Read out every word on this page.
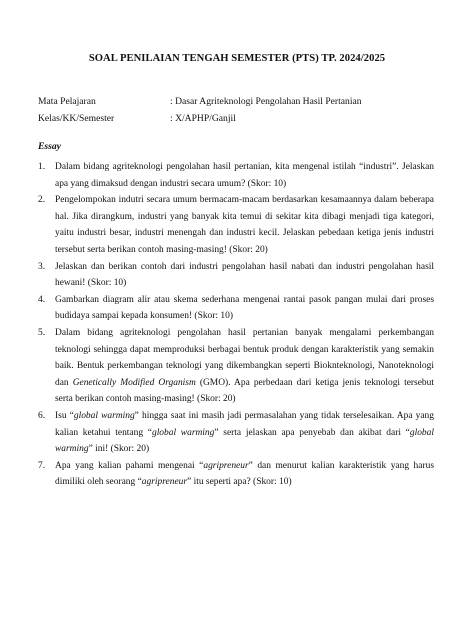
SOAL PENILAIAN TENGAH SEMESTER (PTS) TP. 2024/2025
Mata Pelajaran	: Dasar Agriteknologi Pengolahan Hasil Pertanian
Kelas/KK/Semester	: X/APHP/Ganjil
Essay
1. Dalam bidang agriteknologi pengolahan hasil pertanian, kita mengenal istilah “industri”. Jelaskan apa yang dimaksud dengan industri secara umum? (Skor: 10)
2. Pengelompokan indutri secara umum bermacam-macam berdasarkan kesamaannya dalam beberapa hal. Jika dirangkum, industri yang banyak kita temui di sekitar kita dibagi menjadi tiga kategori, yaitu industri besar, industri menengah dan industri kecil. Jelaskan pebedaan ketiga jenis industri tersebut serta berikan contoh masing-masing! (Skor: 20)
3. Jelaskan dan berikan contoh dari industri pengolahan hasil nabati dan industri pengolahan hasil hewani! (Skor: 10)
4. Gambarkan diagram alir atau skema sederhana mengenai rantai pasok pangan mulai dari proses budidaya sampai kepada konsumen! (Skor: 10)
5. Dalam bidang agriteknologi pengolahan hasil pertanian banyak mengalami perkembangan teknologi sehingga dapat memproduksi berbagai bentuk produk dengan karakteristik yang semakin baik. Bentuk perkembangan teknologi yang dikembangkan seperti Bioknteknologi, Nanoteknologi dan Genetically Modified Organism (GMO). Apa perbedaan dari ketiga jenis teknologi tersebut serta berikan contoh masing-masing! (Skor: 20)
6. Isu “global warming” hingga saat ini masih jadi permasalahan yang tidak terselesaikan. Apa yang kalian ketahui tentang “global warming” serta jelaskan apa penyebab dan akibat dari “global warming” ini! (Skor: 20)
7. Apa yang kalian pahami mengenai “agripreneur” dan menurut kalian karakteristik yang harus dimiliki oleh seorang “agripreneur” itu seperti apa? (Skor: 10)
